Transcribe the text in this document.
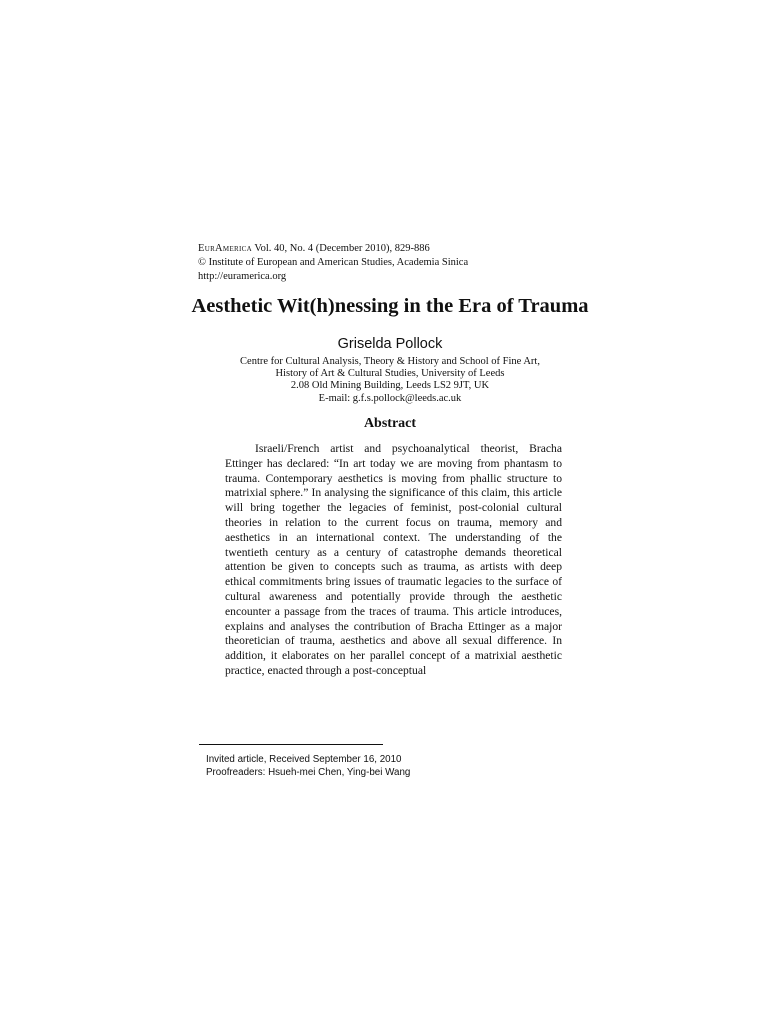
EurAmerica Vol. 40, No. 4 (December 2010), 829-886
© Institute of European and American Studies, Academia Sinica
http://euramerica.org
Aesthetic Wit(h)nessing in the Era of Trauma
Griselda Pollock
Centre for Cultural Analysis, Theory & History and School of Fine Art,
History of Art & Cultural Studies, University of Leeds
2.08 Old Mining Building, Leeds LS2 9JT, UK
E-mail: g.f.s.pollock@leeds.ac.uk
Abstract
Israeli/French artist and psychoanalytical theorist, Bracha Ettinger has declared: “In art today we are moving from phantasm to trauma. Contemporary aesthetics is moving from phallic structure to matrixial sphere.” In analysing the significance of this claim, this article will bring together the legacies of feminist, post-colonial cultural theories in relation to the current focus on trauma, memory and aesthetics in an international context. The understanding of the twentieth century as a century of catastrophe demands theoretical attention be given to concepts such as trauma, as artists with deep ethical commitments bring issues of traumatic legacies to the surface of cultural awareness and potentially provide through the aesthetic encounter a passage from the traces of trauma. This article introduces, explains and analyses the contribution of Bracha Ettinger as a major theoretician of trauma, aesthetics and above all sexual difference. In addition, it elaborates on her parallel concept of a matrixial aesthetic practice, enacted through a post-conceptual
Invited article, Received September 16, 2010
Proofreaders: Hsueh-mei Chen, Ying-bei Wang
